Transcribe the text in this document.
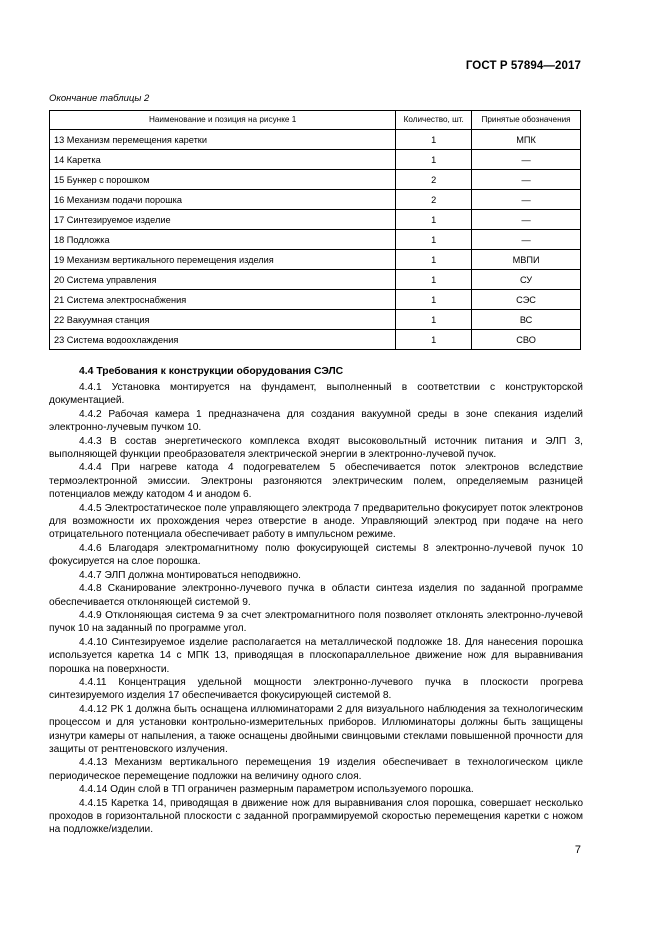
ГОСТ Р 57894—2017
Окончание таблицы 2
Наименование и позиция на рисунке 1	Количество, шт.	Принятые обозначения
13 Механизм перемещения каретки	1	МПК
14 Каретка	1	—
15 Бункер с порошком	2	—
16 Механизм подачи порошка	2	—
17 Синтезируемое изделие	1	—
18 Подложка	1	—
19 Механизм вертикального перемещения изделия	1	МВПИ
20 Система управления	1	СУ
21 Система электроснабжения	1	СЭС
22 Вакуумная станция	1	ВС
23 Система водоохлаждения	1	СВО
4.4 Требования к конструкции оборудования СЭЛС

4.4.1 Установка монтируется на фундамент, выполненный в соответствии с конструкторской документацией.

4.4.2 Рабочая камера 1 предназначена для создания вакуумной среды в зоне спекания изделий электронно-лучевым пучком 10.

4.4.3 В состав энергетического комплекса входят высоковольтный источник питания и ЭЛП 3, выполняющей функции преобразователя электрической энергии в электронно-лучевой пучок.

4.4.4 При нагреве катода 4 подогревателем 5 обеспечивается поток электронов вследствие термоэлектронной эмиссии. Электроны разгоняются электрическим полем, определяемым разницей потенциалов между катодом 4 и анодом 6.

4.4.5 Электростатическое поле управляющего электрода 7 предварительно фокусирует поток электронов для возможности их прохождения через отверстие в аноде. Управляющий электрод при подаче на него отрицательного потенциала обеспечивает работу в импульсном режиме.

4.4.6 Благодаря электромагнитному полю фокусирующей системы 8 электронно-лучевой пучок 10 фокусируется на слое порошка.

4.4.7 ЭЛП должна монтироваться неподвижно.

4.4.8 Сканирование электронно-лучевого пучка в области синтеза изделия по заданной программе обеспечивается отклоняющей системой 9.

4.4.9 Отклоняющая система 9 за счет электромагнитного поля позволяет отклонять электронно-лучевой пучок 10 на заданный по программе угол.

4.4.10 Синтезируемое изделие располагается на металлической подложке 18. Для нанесения порошка используется каретка 14 с МПК 13, приводящая в плоскопараллельное движение нож для выравнивания порошка на поверхности.

4.4.11 Концентрация удельной мощности электронно-лучевого пучка в плоскости прогрева синтезируемого изделия 17 обеспечивается фокусирующей системой 8.

4.4.12 РК 1 должна быть оснащена иллюминаторами 2 для визуального наблюдения за технологическим процессом и для установки контрольно-измерительных приборов. Иллюминаторы должны быть защищены изнутри камеры от напыления, а также оснащены двойными свинцовыми стеклами повышенной прочности для защиты от рентгеновского излучения.

4.4.13 Механизм вертикального перемещения 19 изделия обеспечивает в технологическом цикле периодическое перемещение подложки на величину одного слоя.

4.4.14 Один слой в ТП ограничен размерным параметром используемого порошка.

4.4.15 Каретка 14, приводящая в движение нож для выравнивания слоя порошка, совершает несколько проходов в горизонтальной плоскости с заданной программируемой скоростью перемещения каретки с ножом на подложке/изделии.

7
